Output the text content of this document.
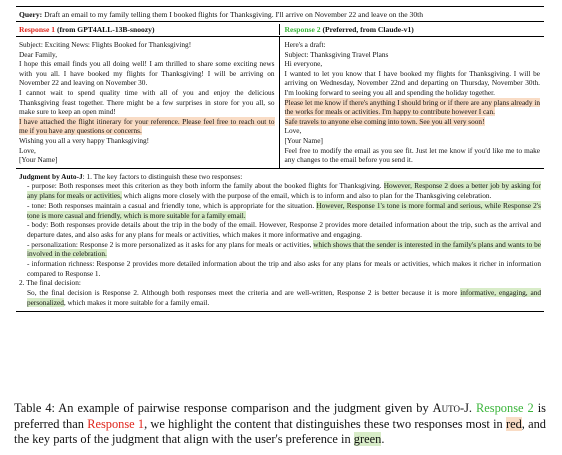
Query: Draft an email to my family telling them I booked flights for Thanksgiving. I'll arrive on November 22 and leave on the 30th
Response 1 (from GPT4ALL-13B-snoozy)	Response 2 (Preferred, from Claude-v1)
Subject: Exciting News: Flights Booked for Thanksgiving!
Dear Family,
I hope this email finds you all doing well! I am thrilled to share some exciting news with you all. I have booked my flights for Thanksgiving! I will be arriving on November 22 and leaving on November 30.
I cannot wait to spend quality time with all of you and enjoy the delicious Thanksgiving feast together. There might be a few surprises in store for you all, so make sure to keep an open mind!
I have attached the flight itinerary for your reference. Please feel free to reach out to me if you have any questions or concerns.
Wishing you all a very happy Thanksgiving!
Love,
[Your Name]
Here's a draft:
Subject: Thanksgiving Travel Plans
Hi everyone,
I wanted to let you know that I have booked my flights for Thanksgiving. I will be arriving on Wednesday, November 22nd and departing on Thursday, November 30th. I'm looking forward to seeing you all and spending the holiday together.
Please let me know if there's anything I should bring or if there are any plans already in the works for meals or activities. I'm happy to contribute however I can.
Safe travels to anyone else coming into town. See you all very soon!
Love,
[Your Name]
Feel free to modify the email as you see fit. Just let me know if you'd like me to make any changes to the email before you send it.
Judgment by Auto-J: 1. The key factors to distinguish these two responses:
- purpose: Both responses meet this criterion as they both inform the family about the booked flights for Thanksgiving. However, Response 2 does a better job by asking for any plans for meals or activities, which aligns more closely with the purpose of the email, which is to inform and also to plan for the Thanksgiving celebration.
- tone: Both responses maintain a casual and friendly tone, which is appropriate for the situation. However, Response 1's tone is more formal and serious, while Response 2's tone is more casual and friendly, which is more suitable for a family email.
- body: Both responses provide details about the trip in the body of the email. However, Response 2 provides more detailed information about the trip, such as the arrival and departure dates, and also asks for any plans for meals or activities, which makes it more informative and engaging.
- personalization: Response 2 is more personalized as it asks for any plans for meals or activities, which shows that the sender is interested in the family's plans and wants to be involved in the celebration.
- information richness: Response 2 provides more detailed information about the trip and also asks for any plans for meals or activities, which makes it richer in information compared to Response 1.
2. The final decision:
So, the final decision is Response 2. Although both responses meet the criteria and are well-written, Response 2 is better because it is more informative, engaging, and personalized, which makes it more suitable for a family email.
Table 4: An example of pairwise response comparison and the judgment given by Auto-J. Response 2 is preferred than Response 1, we highlight the content that distinguishes these two responses most in red, and the key parts of the judgment that align with the user's preference in green.
